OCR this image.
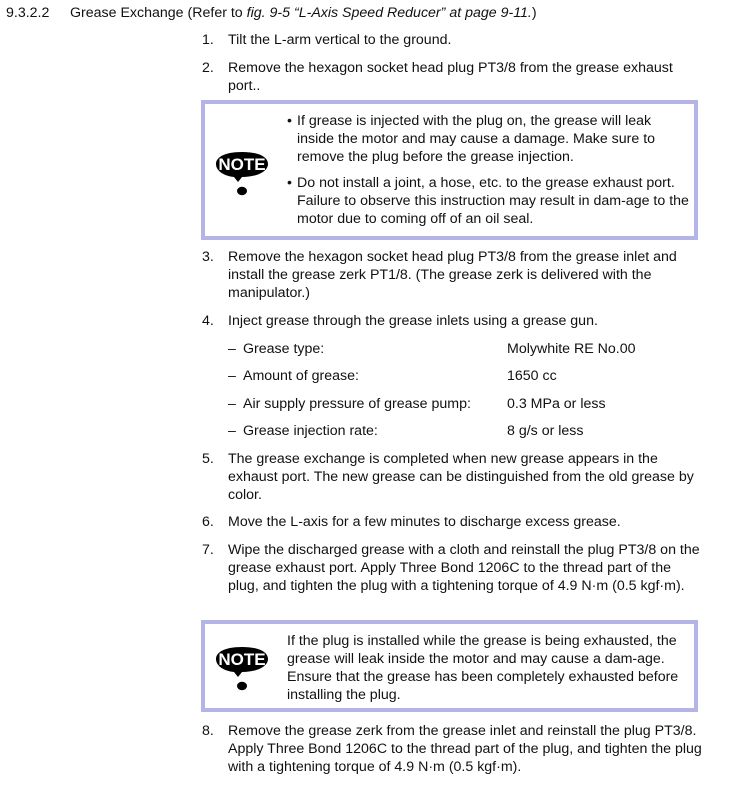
9.3.2.2 Grease Exchange (Refer to fig. 9-5 “L-Axis Speed Reducer” at page 9-11.)
1. Tilt the L-arm vertical to the ground.
2. Remove the hexagon socket head plug PT3/8 from the grease exhaust port..
NOTE
• If grease is injected with the plug on, the grease will leak inside the motor and may cause a damage. Make sure to remove the plug before the grease injection.
• Do not install a joint, a hose, etc. to the grease exhaust port. Failure to observe this instruction may result in dam-age to the motor due to coming off of an oil seal.
3. Remove the hexagon socket head plug PT3/8 from the grease inlet and install the grease zerk PT1/8. (The grease zerk is delivered with the manipulator.)
4. Inject grease through the grease inlets using a grease gun.
– Grease type:	Molywhite RE No.00
– Amount of grease:	1650 cc
– Air supply pressure of grease pump:	0.3 MPa or less
– Grease injection rate:	8 g/s or less
5. The grease exchange is completed when new grease appears in the exhaust port. The new grease can be distinguished from the old grease by color.
6. Move the L-axis for a few minutes to discharge excess grease.
7. Wipe the discharged grease with a cloth and reinstall the plug PT3/8 on the grease exhaust port. Apply Three Bond 1206C to the thread part of the plug, and tighten the plug with a tightening torque of 4.9 N·m (0.5 kgf·m).
NOTE
If the plug is installed while the grease is being exhausted, the grease will leak inside the motor and may cause a dam-age. Ensure that the grease has been completely exhausted before installing the plug.
8. Remove the grease zerk from the grease inlet and reinstall the plug PT3/8. Apply Three Bond 1206C to the thread part of the plug, and tighten the plug with a tightening torque of 4.9 N·m (0.5 kgf·m).
